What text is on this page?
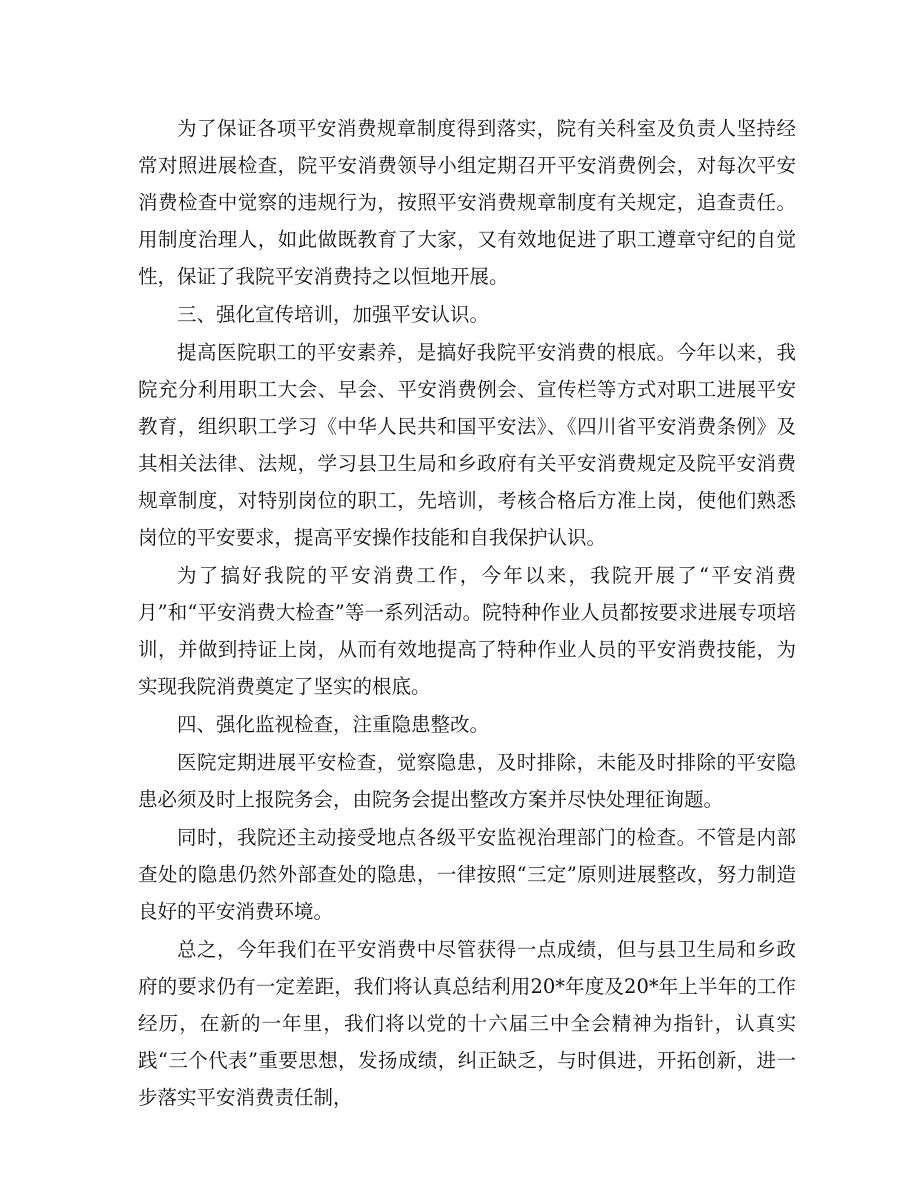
为了保证各项平安消费规章制度得到落实，院有关科室及负责人坚持经常对照进展检查，院平安消费领导小组定期召开平安消费例会，对每次平安消费检查中觉察的违规行为，按照平安消费规章制度有关规定，追查责任。用制度治理人，如此做既教育了大家，又有效地促进了职工遵章守纪的自觉性，保证了我院平安消费持之以恒地开展。

三、强化宣传培训，加强平安认识。

提高医院职工的平安素养，是搞好我院平安消费的根底。今年以来，我院充分利用职工大会、早会、平安消费例会、宣传栏等方式对职工进展平安教育，组织职工学习《中华人民共和国平安法》、《四川省平安消费条例》及其相关法律、法规，学习县卫生局和乡政府有关平安消费规定及院平安消费规章制度，对特别岗位的职工，先培训，考核合格后方准上岗，使他们熟悉岗位的平安要求，提高平安操作技能和自我保护认识。

为了搞好我院的平安消费工作，今年以来，我院开展了“平安消费月”和“平安消费大检查”等一系列活动。院特种作业人员都按要求进展专项培训，并做到持证上岗，从而有效地提高了特种作业人员的平安消费技能，为实现我院消费奠定了坚实的根底。

四、强化监视检查，注重隐患整改。

医院定期进展平安检查，觉察隐患，及时排除，未能及时排除的平安隐患必须及时上报院务会，由院务会提出整改方案并尽快处理征询题。

同时，我院还主动接受地点各级平安监视治理部门的检查。不管是内部查处的隐患仍然外部查处的隐患，一律按照“三定”原则进展整改，努力制造良好的平安消费环境。

总之，今年我们在平安消费中尽管获得一点成绩，但与县卫生局和乡政府的要求仍有一定差距，我们将认真总结利用20*年度及20*年上半年的工作经历，在新的一年里，我们将以党的十六届三中全会精神为指针，认真实践“三个代表”重要思想，发扬成绩，纠正缺乏，与时俱进，开拓创新，进一步落实平安消费责任制，
